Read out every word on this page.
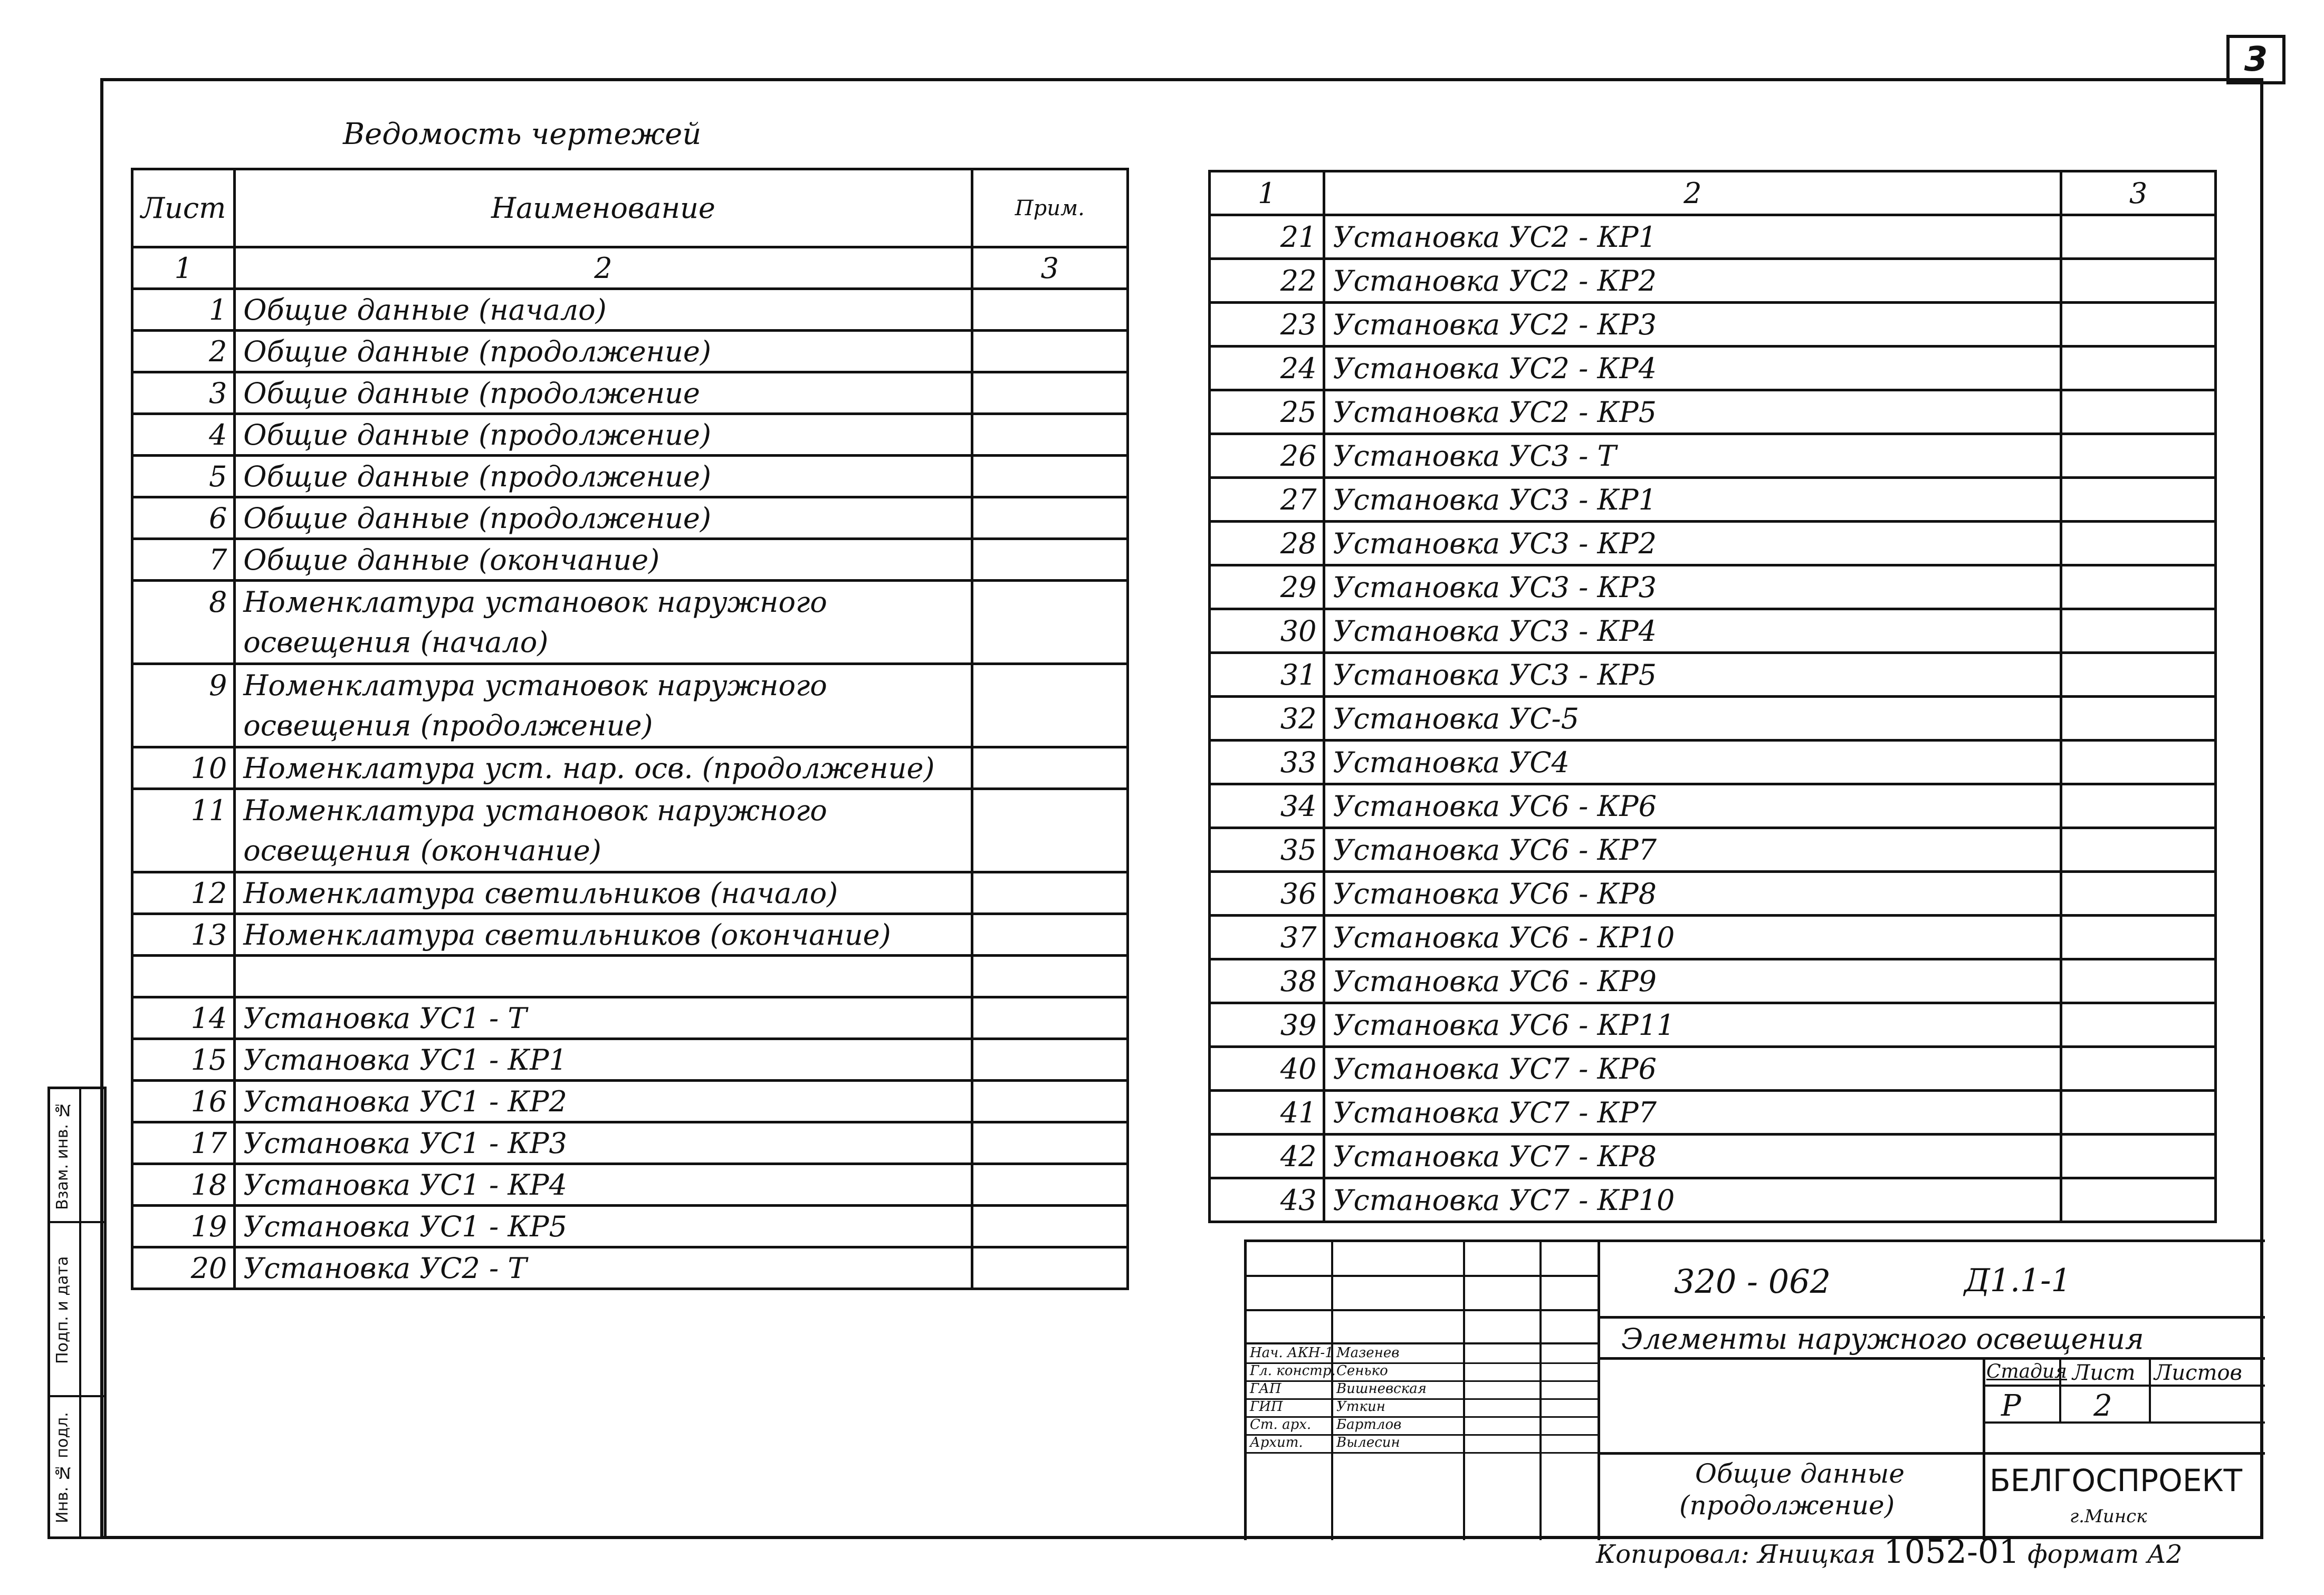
3
Взам. инв. №
Подп. и дата
Инв. № подл.
Ведомость чертежей
Лист	Наименование	Прим.
1	2	3
1	Общие данные (начало)	
2	Общие данные (продолжение)	
3	Общие данные (продолжение	
4	Общие данные (продолжение)	
5	Общие данные (продолжение)	
6	Общие данные (продолжение)	
7	Общие данные (окончание)	
8	Номенклатура установок наружного	
	освещения (начало)	
9	Номенклатура установок наружного	
	освещения (продолжение)	
10	Номенклатура уст. нар. осв. (продолжение)	
11	Номенклатура установок наружного	
	освещения (окончание)	
12	Номенклатура светильников (начало)	
13	Номенклатура светильников (окончание)	

14	Установка УС1 - Т	
15	Установка УС1 - КР1	
16	Установка УС1 - КР2	
17	Установка УС1 - КР3	
18	Установка УС1 - КР4	
19	Установка УС1 - КР5	
20	Установка УС2 - Т	
1	2	3
21	Установка УС2 - КР1	
22	Установка УС2 - КР2	
23	Установка УС2 - КР3	
24	Установка УС2 - КР4	
25	Установка УС2 - КР5	
26	Установка УС3 - Т	
27	Установка УС3 - КР1	
28	Установка УС3 - КР2	
29	Установка УС3 - КР3	
30	Установка УС3 - КР4	
31	Установка УС3 - КР5	
32	Установка УС-5	
33	Установка УС4	
34	Установка УС6 - КР6	
35	Установка УС6 - КР7	
36	Установка УС6 - КР8	
37	Установка УС6 - КР10	
38	Установка УС6 - КР9	
39	Установка УС6 - КР11	
40	Установка УС7 - КР6	
41	Установка УС7 - КР7	
42	Установка УС7 - КР8	
43	Установка УС7 - КР10	
Нач. АКН-1 Мазенев
Гл. констр. Сенько
ГАП	Вишневская
ГИП	Уткин
Ст. арх. Бартлов
Архит. Вылесин
320 - 062	Д1.1-1
Элементы наружного освещения
Общие данные
(продолжение)
Стадия Лист Листов
Р 2
БЕЛГОСПРОЕКТ
г.Минск
Копировал: Яницкая 1052-01 формат А2
